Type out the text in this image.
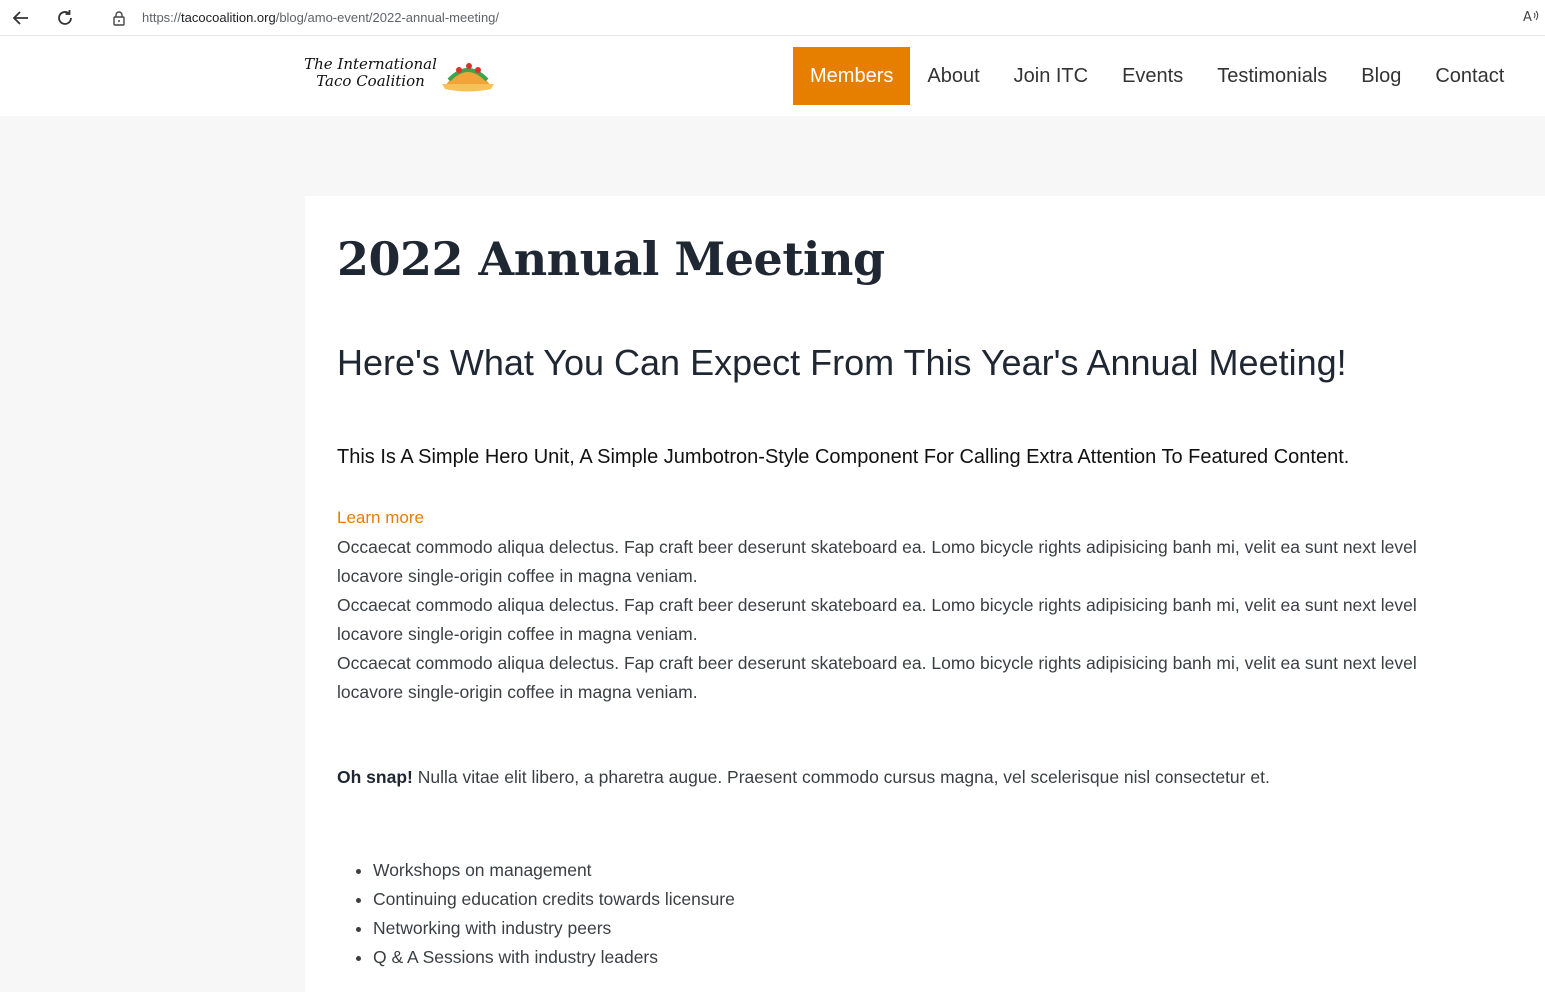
https://tacocoalition.org/blog/amo-event/2022-annual-meeting/	A
The International
Taco Coalition	Members	About	Join ITC	Events	Testimonials	Blog	Contact
2022 Annual Meeting
Here's What You Can Expect From This Year's Annual Meeting!

This Is A Simple Hero Unit, A Simple Jumbotron-Style Component For Calling Extra Attention To Featured Content.

Learn more

Occaecat commodo aliqua delectus. Fap craft beer deserunt skateboard ea. Lomo bicycle rights adipisicing banh mi, velit ea sunt next level locavore single-origin coffee in magna veniam.

Occaecat commodo aliqua delectus. Fap craft beer deserunt skateboard ea. Lomo bicycle rights adipisicing banh mi, velit ea sunt next level locavore single-origin coffee in magna veniam.

Occaecat commodo aliqua delectus. Fap craft beer deserunt skateboard ea. Lomo bicycle rights adipisicing banh mi, velit ea sunt next level locavore single-origin coffee in magna veniam.

Oh snap! Nulla vitae elit libero, a pharetra augue. Praesent commodo cursus magna, vel scelerisque nisl consectetur et.
• Workshops on management
• Continuing education credits towards licensure
• Networking with industry peers
• Q & A Sessions with industry leaders
